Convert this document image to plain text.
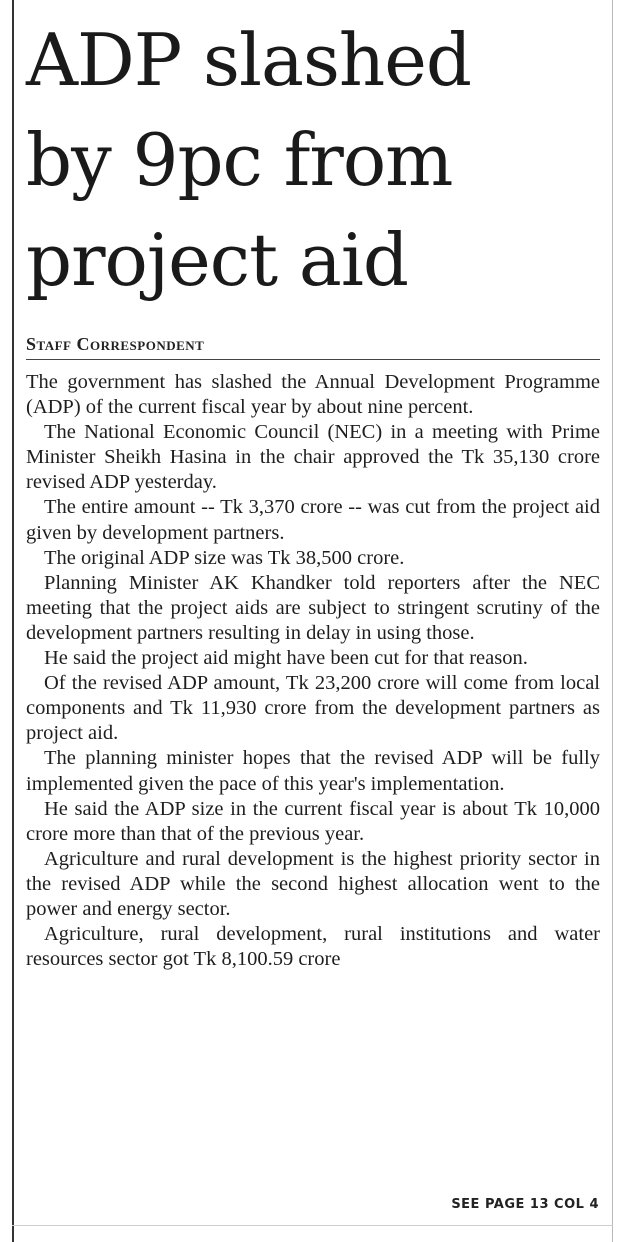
ADP slashed
by 9pc from
project aid
Staff Correspondent

The government has slashed the Annual Development Programme (ADP) of the current fiscal year by about nine percent.

The National Economic Council (NEC) in a meeting with Prime Minister Sheikh Hasina in the chair approved the Tk 35,130 crore revised ADP yesterday.

The entire amount -- Tk 3,370 crore -- was cut from the project aid given by development partners.

The original ADP size was Tk 38,500 crore.

Planning Minister AK Khandker told reporters after the NEC meeting that the project aids are subject to stringent scrutiny of the development partners resulting in delay in using those.

He said the project aid might have been cut for that reason.

Of the revised ADP amount, Tk 23,200 crore will come from local components and Tk 11,930 crore from the development partners as project aid.

The planning minister hopes that the revised ADP will be fully implemented given the pace of this year's implementation.

He said the ADP size in the current fiscal year is about Tk 10,000 crore more than that of the previous year.

Agriculture and rural development is the highest priority sector in the revised ADP while the second highest allocation went to the power and energy sector.

Agriculture, rural development, rural institutions and water resources sector got Tk 8,100.59 crore

SEE PAGE 13 COL 4
